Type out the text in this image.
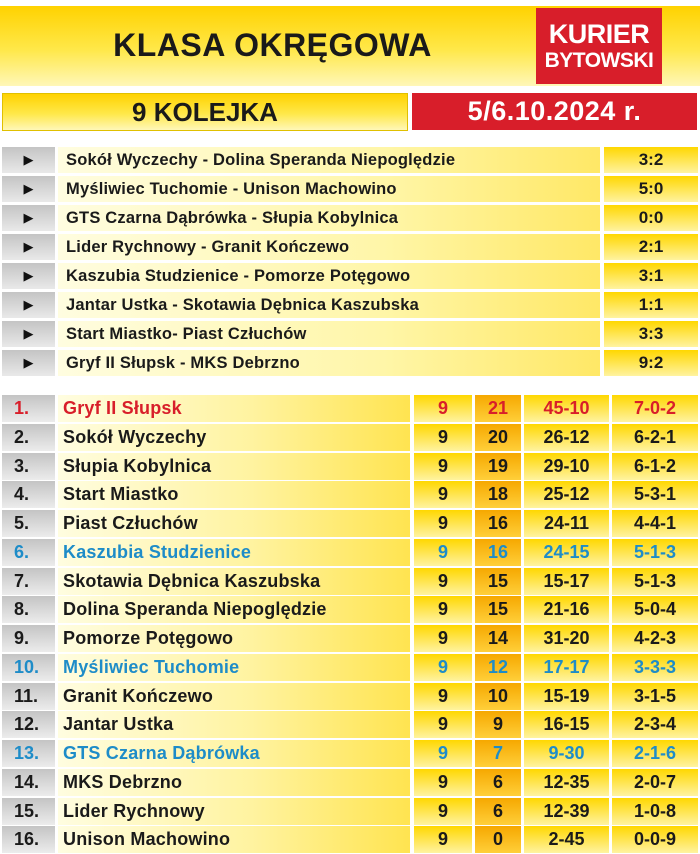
KLASA OKRĘGOWA	KURIER
BYTOWSKI
9 KOLEJKA	5/6.10.2024 r.
▶	Sokół Wyczechy - Dolina Speranda Niepoględzie	3:2
▶	Myśliwiec Tuchomie - Unison Machowino	5:0
▶	GTS Czarna Dąbrówka - Słupia Kobylnica	0:0
▶	Lider Rychnowy - Granit Kończewo	2:1
▶	Kaszubia Studzienice - Pomorze Potęgowo	3:1
▶	Jantar Ustka - Skotawia Dębnica Kaszubska	1:1
▶	Start Miastko- Piast Człuchów	3:3
▶	Gryf II Słupsk - MKS Debrzno	9:2
1.	Gryf II Słupsk	9	21	45-10	7-0-2
2.	Sokół Wyczechy	9	20	26-12	6-2-1
3.	Słupia Kobylnica	9	19	29-10	6-1-2
4.	Start Miastko	9	18	25-12	5-3-1
5.	Piast Człuchów	9	16	24-11	4-4-1
6.	Kaszubia Studzienice	9	16	24-15	5-1-3
7.	Skotawia Dębnica Kaszubska	9	15	15-17	5-1-3
8.	Dolina Speranda Niepoględzie	9	15	21-16	5-0-4
9.	Pomorze Potęgowo	9	14	31-20	4-2-3
10.	Myśliwiec Tuchomie	9	12	17-17	3-3-3
11.	Granit Kończewo	9	10	15-19	3-1-5
12.	Jantar Ustka	9	9	16-15	2-3-4
13.	GTS Czarna Dąbrówka	9	7	9-30	2-1-6
14.	MKS Debrzno	9	6	12-35	2-0-7
15.	Lider Rychnowy	9	6	12-39	1-0-8
16.	Unison Machowino	9	0	2-45	0-0-9
